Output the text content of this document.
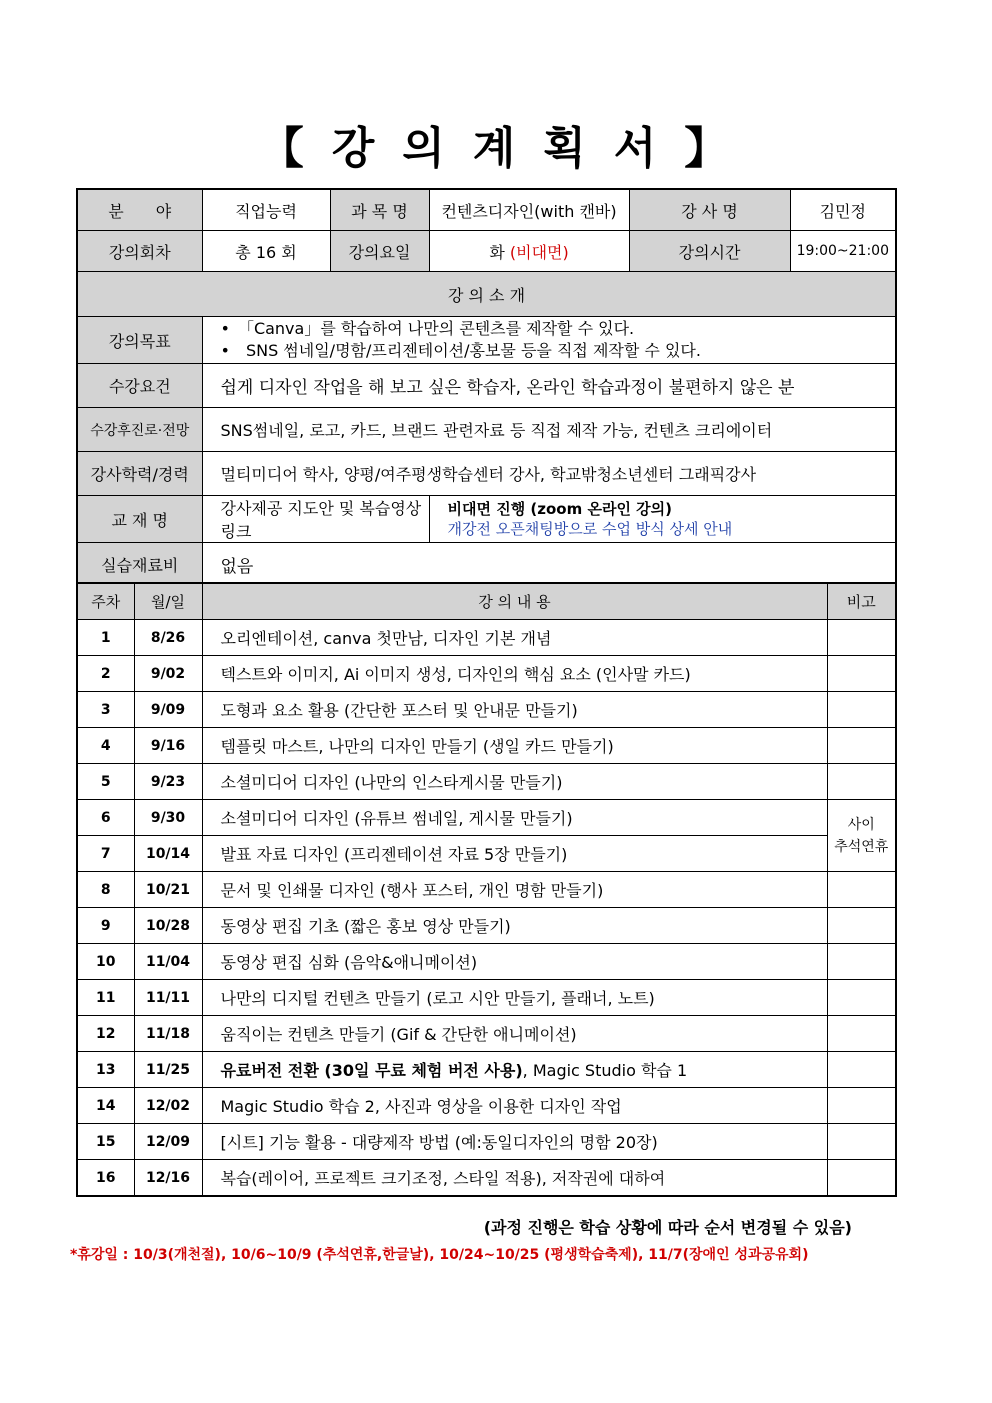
【 강 의 계 획 서 】
분　　야	직업능력	과 목 명	컨텐츠디자인(with 캔바)	강 사 명	김민정
강의회차	총 16 회	강의요일	화 (비대면)	강의시간	19:00~21:00
강 의 소 개					
강의목표	•　「Canva」를 학습하여 나만의 콘텐츠를 제작할 수 있다.
•　SNS 썸네일/명함/프리젠테이션/홍보물 등을 직접 제작할 수 있다.				

수강요건	쉽게 디자인 작업을 해 보고 싶은 학습자, 온라인 학습과정이 불편하지 않은 분				
수강후진로·전망	SNS썸네일, 로고, 카드, 브랜드 관련자료 등 직접 제작 가능, 컨텐츠 크리에이터				
강사학력/경력	멀티미디어 학사, 양평/여주평생학습센터 강사, 학교밖청소년센터 그래픽강사				
교 재 명	강사제공 지도안 및 복습영상 링크		비대면 진행 (zoom 온라인 강의)
개강전 오픈채팅방으로 수업 방식 상세 안내		

실습재료비	없음				
주차	월/일	강 의 내 용	비고
1	8/26	오리엔테이션, canva 첫만남, 디자인 기본 개념	
2	9/02	텍스트와 이미지, Ai 이미지 생성, 디자인의 핵심 요소 (인사말 카드)	
3	9/09	도형과 요소 활용 (간단한 포스터 및 안내문 만들기)	
4	9/16	템플릿 마스트, 나만의 디자인 만들기 (생일 카드 만들기)	
5	9/23	소셜미디어 디자인 (나만의 인스타게시물 만들기)	
6	9/30	소셜미디어 디자인 (유튜브 썸네일, 게시물 만들기)	사이
추석연휴

7	10/14	발표 자료 디자인 (프리젠테이션 자료 5장 만들기)	
8	10/21	문서 및 인쇄물 디자인 (행사 포스터, 개인 명함 만들기)	
9	10/28	동영상 편집 기초 (짧은 홍보 영상 만들기)	
10	11/04	동영상 편집 심화 (음악&애니메이션)	
11	11/11	나만의 디지털 컨텐츠 만들기 (로고 시안 만들기, 플래너, 노트)	
12	11/18	움직이는 컨텐츠 만들기 (Gif & 간단한 애니메이션)	
13	11/25	유료버전 전환 (30일 무료 체험 버전 사용), Magic Studio 학습 1	
14	12/02	Magic Studio 학습 2, 사진과 영상을 이용한 디자인 작업	
15	12/09	[시트] 기능 활용 - 대량제작 방법 (예:동일디자인의 명함 20장)	
16	12/16	복습(레이어, 프로젝트 크기조정, 스타일 적용), 저작권에 대하여	
(과정 진행은 학습 상황에 따라 순서 변경될 수 있음)
*휴강일 : 10/3(개천절), 10/6~10/9 (추석연휴,한글날), 10/24~10/25 (평생학습축제), 11/7(장애인 성과공유회)
